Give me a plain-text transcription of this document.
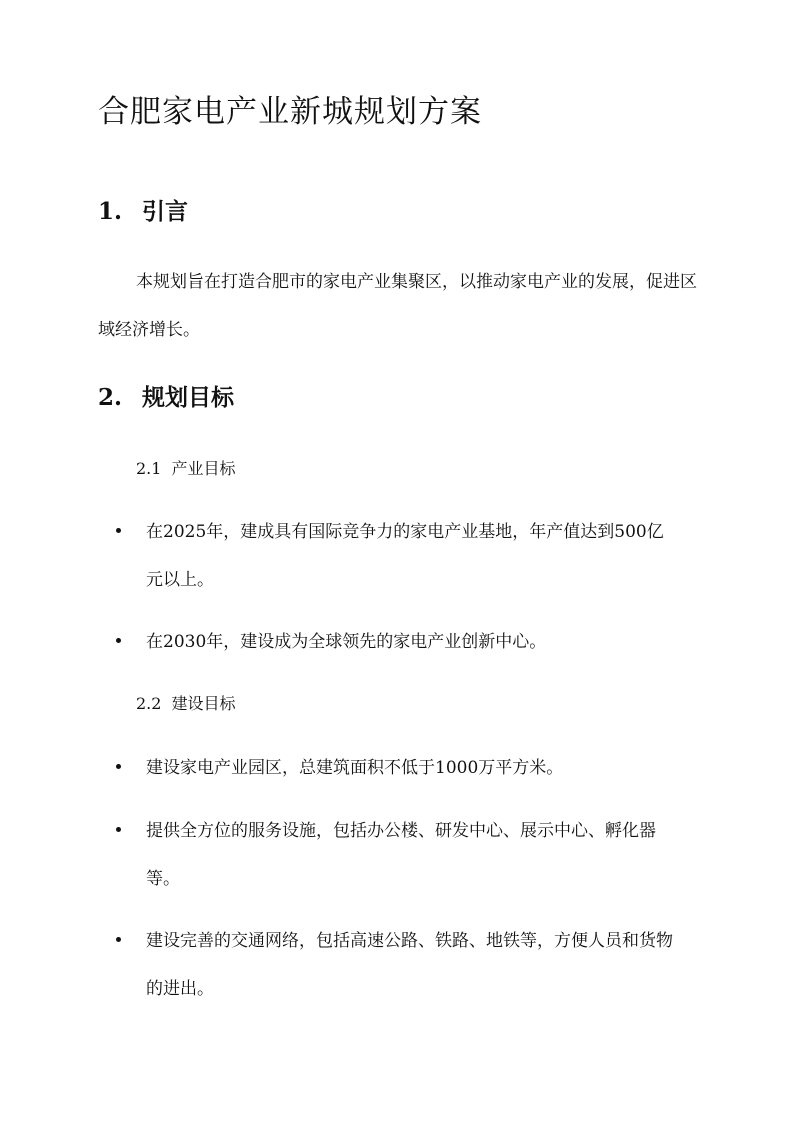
合肥家电产业新城规划方案
1. 引言

本规划旨在打造合肥市的家电产业集聚区，以推动家电产业的发展，促进区域经济增长。

2. 规划目标
2.1 产业目标
在2025年，建成具有国际竞争力的家电产业基地，年产值达到500亿元以上。
在2030年，建设成为全球领先的家电产业创新中心。
2.2 建设目标
建设家电产业园区，总建筑面积不低于1000万平方米。
提供全方位的服务设施，包括办公楼、研发中心、展示中心、孵化器等。
建设完善的交通网络，包括高速公路、铁路、地铁等，方便人员和货物的进出。
